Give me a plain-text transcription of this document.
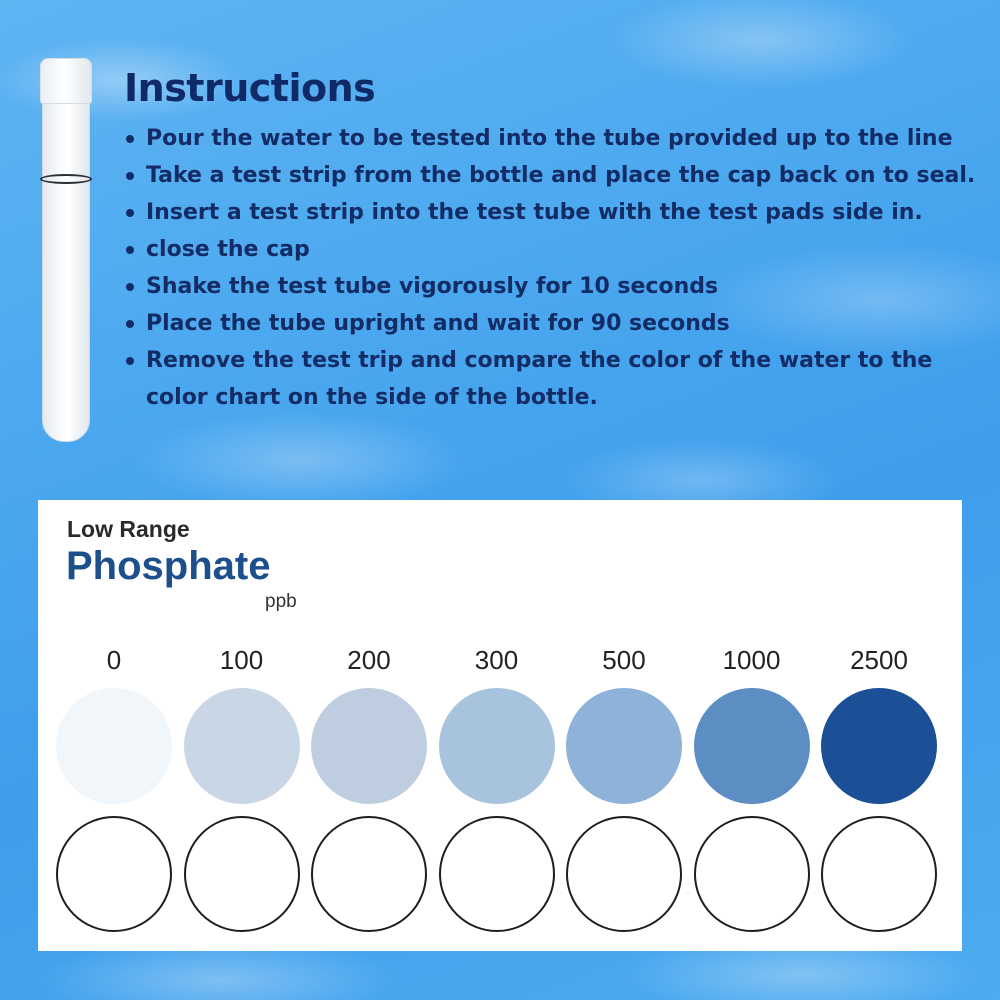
Instructions
Pour the water to be tested into the tube provided up to the line
Take a test strip from the bottle and place the cap back on to seal.
Insert a test strip into the test tube with the test pads side in.
close the cap
Shake the test tube vigorously for 10 seconds
Place the tube upright and wait for 90 seconds
Remove the test trip and compare the color of the water to the color chart on the side of the bottle.
Low Range
Phosphate
ppb
0	100	200	300	500	1000	2500
